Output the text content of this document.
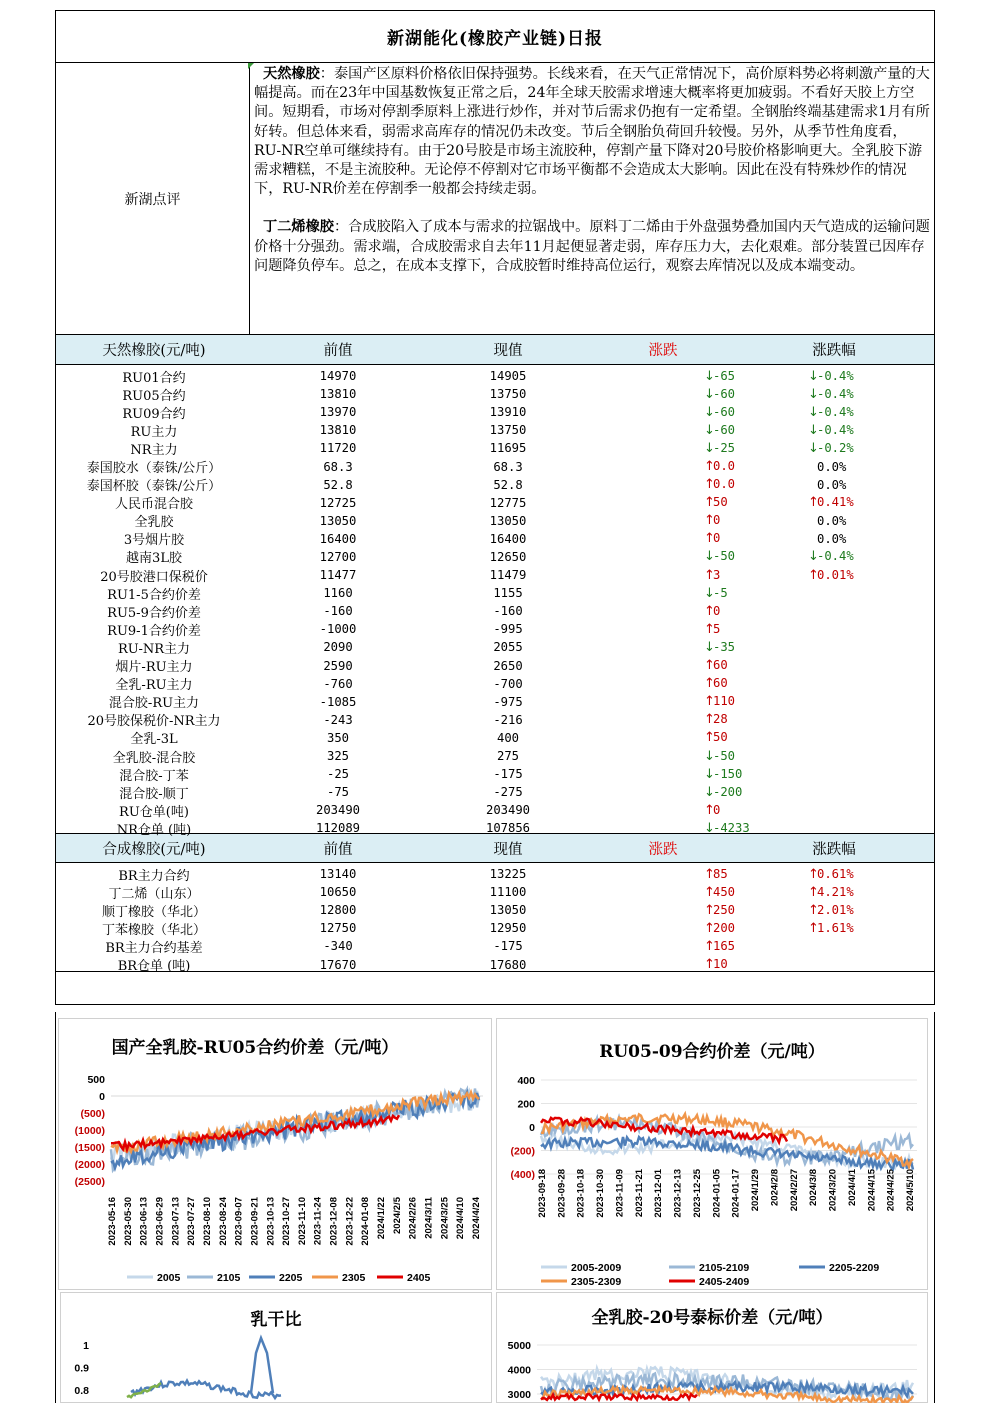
新湖能化(橡胶产业链)日报
新湖点评

天然橡胶：泰国产区原料价格依旧保持强势。长线来看，在天气正常情况下，高价原料势必将刺激产量的大幅提高。而在23年中国基数恢复正常之后，24年全球天胶需求增速大概率将更加疲弱。不看好天胶上方空间。短期看，市场对停割季原料上涨进行炒作，并对节后需求仍抱有一定希望。全钢胎终端基建需求1月有所好转。但总体来看，弱需求高库存的情况仍未改变。节后全钢胎负荷回升较慢。另外，从季节性角度看，RU-NR空单可继续持有。由于20号胶是市场主流胶种，停割产量下降对20号胶价格影响更大。全乳胶下游需求糟糕，不是主流胶种。无论停不停割对它市场平衡都不会造成太大影响。因此在没有特殊炒作的情况下，RU-NR价差在停割季一般都会持续走弱。

丁二烯橡胶：合成胶陷入了成本与需求的拉锯战中。原料丁二烯由于外盘强势叠加国内天气造成的运输问题价格十分强劲。需求端，合成胶需求自去年11月起便显著走弱，库存压力大，去化艰难。部分装置已因库存问题降负停车。总之，在成本支撑下，合成胶暂时维持高位运行，观察去库情况以及成本端变动。

天然橡胶(元/吨)	前值	现值	涨跌	涨跌幅
RU01合约	14970	14905	↓-65	↓-0.4%
RU05合约	13810	13750	↓-60	↓-0.4%
RU09合约	13970	13910	↓-60	↓-0.4%
RU主力	13810	13750	↓-60	↓-0.4%
NR主力	11720	11695	↓-25	↓-0.2%
泰国胶水（泰铢/公斤）	68.3	68.3	↑0.0	0.0%
泰国杯胶（泰铢/公斤）	52.8	52.8	↑0.0	0.0%
人民币混合胶	12725	12775	↑50	↑0.41%
全乳胶	13050	13050	↑0	0.0%
3号烟片胶	16400	16400	↑0	0.0%
越南3L胶	12700	12650	↓-50	↓-0.4%
20号胶港口保税价	11477	11479	↑3	↑0.01%
RU1-5合约价差	1160	1155	↓-5
RU5-9合约价差	-160	-160	↑0
RU9-1合约价差	-1000	-995	↑5
RU-NR主力	2090	2055	↓-35
烟片-RU主力	2590	2650	↑60
全乳-RU主力	-760	-700	↑60
混合胶-RU主力	-1085	-975	↑110
20号胶保税价-NR主力	-243	-216	↑28
全乳-3L	350	400	↑50
全乳胶-混合胶	325	275	↓-50
混合胶-丁苯	-25	-175	↓-150
混合胶-顺丁	-75	-275	↓-200
RU仓单(吨)	203490	203490	↑0
NR仓单 (吨)	112089	107856	↓-4233
合成橡胶(元/吨)	前值	现值	涨跌	涨跌幅
BR主力合约	13140	13225	↑85	↑0.61%
丁二烯（山东）	10650	11100	↑450	↑4.21%
顺丁橡胶（华北）	12800	13050	↑250	↑2.01%
丁苯橡胶（华北）	12750	12950	↑200	↑1.61%
BR主力合约基差	-340	-175	↑165
BR仓单 (吨)	17670	17680	↑10
国产全乳胶-RU05合约价差（元/吨）
500
0
(500)
(1000)
(1500)
(2000)
(2500)
2023-05-16 2023-05-30 2023-06-13 2023-06-29 2023-07-13 2023-07-27 2023-08-10 2023-08-24 2023-09-07 2023-09-21 2023-10-13 2023-10-27 2023-11-10 2023-11-24 2023-12-08 2023-12-22 2024-01-08 2024/1/22 2024/2/5 2024/2/26 2024/3/11 2024/3/25 2024/4/10 2024/4/24
2005	2105	2205	2305	2405
RU05-09合约价差（元/吨）
400
200
0
(200)
(400) 2023-09-18 2023-09-28 2023-10-18 2023-10-30 2023-11-09 2023-11-21 2023-12-01 2023-12-13 2023-12-25 2024-01-05 2024-01-17 2024/1/29 2024/2/8 2024/2/27 2024/3/8 2024/3/20 2024/4/1 2024/4/15 2024/4/25 2024/5/10
2005-2009	2105-2109	2205-2209
2305-2309	2405-2409
乳干比
1
0.9
0.8
全乳胶-20号泰标价差（元/吨）
5000
4000
3000
